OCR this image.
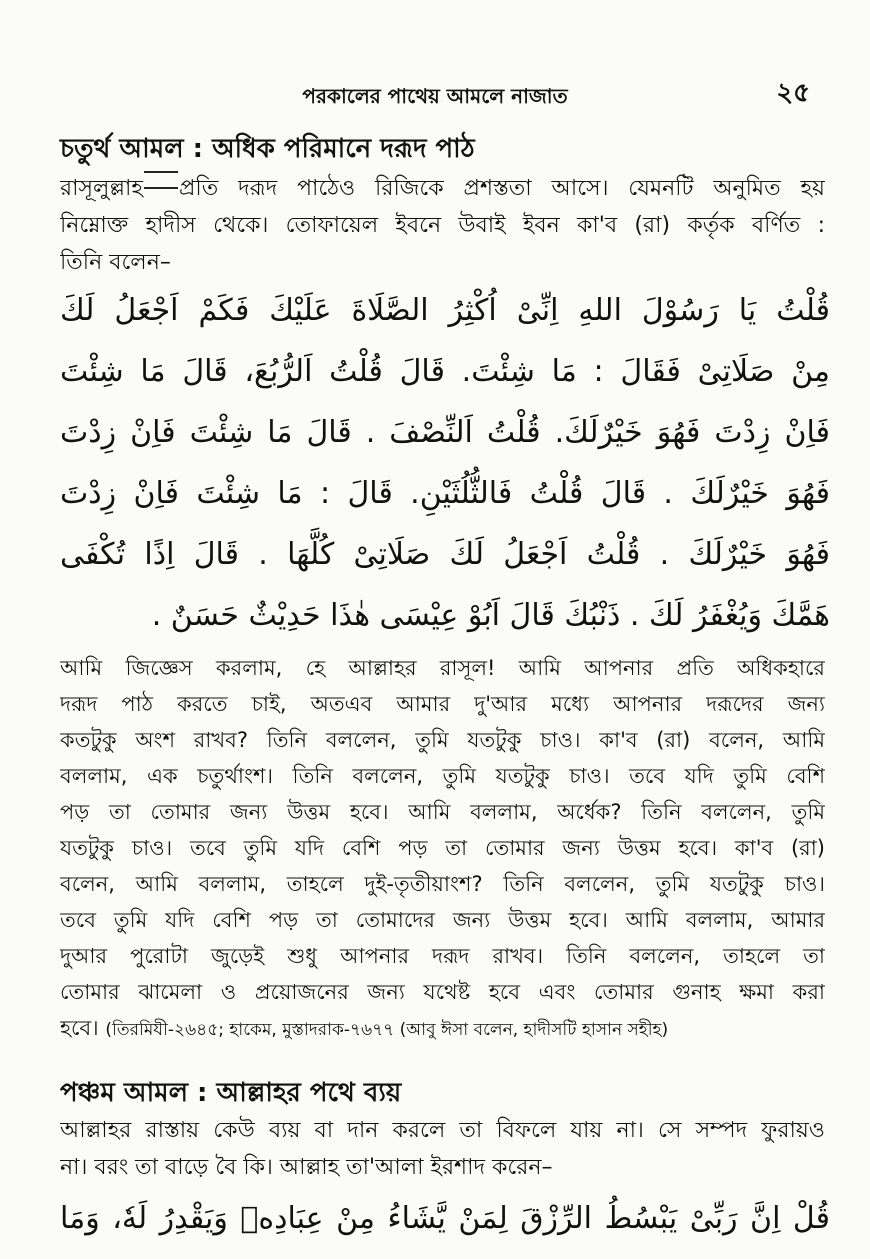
পরকালের পাথেয় আমলে নাজাত	২৫
চতুর্থ আমল : অধিক পরিমানে দরূদ পাঠ
রাসূলুল্লাহ প্রতি দরূদ পাঠেও রিজিকে প্রশস্ততা আসে। যেমনটি অনুমিত হয়
নিম্নোক্ত হাদীস থেকে। তোফায়েল ইবনে উবাই ইবন কা'ব (রা) কর্তৃক বর্ণিত :
তিনি বলেন–
قُلْتُ يَا رَسُوْلَ اللهِ اِنِّىْ اُكْثِرُ الصَّلَاةَ عَلَيْكَ فَكَمْ اَجْعَلُ لَكَ
مِنْ صَلَاتِىْ فَقَالَ : مَا شِئْتَ. قَالَ قُلْتُ اَلرُّبُعَ، قَالَ مَا شِئْتَ
فَاِنْ زِدْتَ فَهُوَ خَيْرٌلَكَ. قُلْتُ اَلنِّصْفَ . قَالَ مَا شِئْتَ فَاِنْ زِدْتَ
فَهُوَ خَيْرٌلَكَ . قَالَ قُلْتُ فَالثُّلُثَيْنِ. قَالَ : مَا شِئْتَ فَاِنْ زِدْتَ
فَهُوَ خَيْرٌلَكَ . قُلْتُ اَجْعَلُ لَكَ صَلَاتِىْ كُلَّهَا . قَالَ اِذًا تُكْفَى
هَمَّكَ وَيُغْفَرُ لَكَ . ذَنْبُكَ قَالَ اَبُوْ عِيْسَى هٰذَا حَدِيْثٌ حَسَنٌ .
আমি জিজ্ঞেস করলাম, হে আল্লাহর রাসূল! আমি আপনার প্রতি অধিকহারে
দরূদ পাঠ করতে চাই, অতএব আমার দু'আর মধ্যে আপনার দরূদের জন্য
কতটুকু অংশ রাখব? তিনি বললেন, তুমি যতটুকু চাও। কা'ব (রা) বলেন, আমি
বললাম, এক চতুর্থাংশ। তিনি বললেন, তুমি যতটুকু চাও। তবে যদি তুমি বেশি
পড় তা তোমার জন্য উত্তম হবে। আমি বললাম, অর্ধেক? তিনি বললেন, তুমি
যতটুকু চাও। তবে তুমি যদি বেশি পড় তা তোমার জন্য উত্তম হবে। কা'ব (রা)
বলেন, আমি বললাম, তাহলে দুই-তৃতীয়াংশ? তিনি বললেন, তুমি যতটুকু চাও।
তবে তুমি যদি বেশি পড় তা তোমাদের জন্য উত্তম হবে। আমি বললাম, আমার
দুআর পুরোটা জুড়েই শুধু আপনার দরূদ রাখব। তিনি বললেন, তাহলে তা
তোমার ঝামেলা ও প্রয়োজনের জন্য যথেষ্ট হবে এবং তোমার গুনাহ ক্ষমা করা
হবে। (তিরমিযী-২৬৪৫; হাকেম, মুস্তাদরাক-৭৬৭৭ (আবু ঈসা বলেন, হাদীসটি হাসান সহীহ)
পঞ্চম আমল : আল্লাহর পথে ব্যয়
আল্লাহর রাস্তায় কেউ ব্যয় বা দান করলে তা বিফলে যায় না। সে সম্পদ ফুরায়ও
না। বরং তা বাড়ে বৈ কি। আল্লাহ তা'আলা ইরশাদ করেন–
قُلْ اِنَّ رَبِّىْ يَبْسُطُ الرِّزْقَ لِمَنْ يَّشَاءُ مِنْ عِبَادِهٖ وَيَقْدِرُ لَهٗ، وَمَا
